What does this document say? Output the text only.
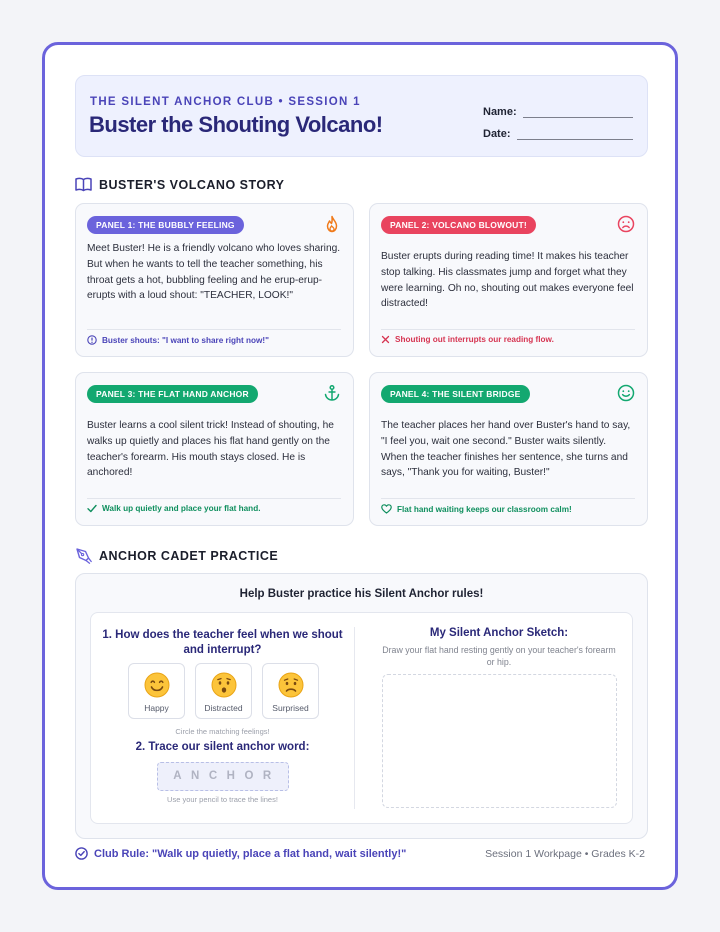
THE SILENT ANCHOR CLUB • SESSION 1
Buster the Shouting Volcano!	Name:
Date:
BUSTER'S VOLCANO STORY
PANEL 1: THE BUBBLY FEELING
Meet Buster! He is a friendly volcano who loves sharing. But when he wants to tell the teacher something, his throat gets a hot, bubbling feeling and he erup-erup-erupts with a loud shout: "TEACHER, LOOK!"
Buster shouts: "I want to share right now!"
PANEL 2: VOLCANO BLOWOUT!
Buster erupts during reading time! It makes his teacher stop talking. His classmates jump and forget what they were learning. Oh no, shouting out makes everyone feel distracted!
Shouting out interrupts our reading flow.
PANEL 3: THE FLAT HAND ANCHOR
Buster learns a cool silent trick! Instead of shouting, he walks up quietly and places his flat hand gently on the teacher's forearm. His mouth stays closed. He is anchored!
Walk up quietly and place your flat hand.
PANEL 4: THE SILENT BRIDGE
The teacher places her hand over Buster's hand to say, "I feel you, wait one second." Buster waits silently. When the teacher finishes her sentence, she turns and says, "Thank you for waiting, Buster!"
Flat hand waiting keeps our classroom calm!
ANCHOR CADET PRACTICE
Help Buster practice his Silent Anchor rules!
1. How does the teacher feel when we shout and interrupt?
Happy	Distracted	Surprised
Circle the matching feelings!
2. Trace our silent anchor word:
ANCHOR
Use your pencil to trace the lines!
My Silent Anchor Sketch:
Draw your flat hand resting gently on your teacher's forearm or hip.
Club Rule: "Walk up quietly, place a flat hand, wait silently!"	Session 1 Workpage • Grades K-2
